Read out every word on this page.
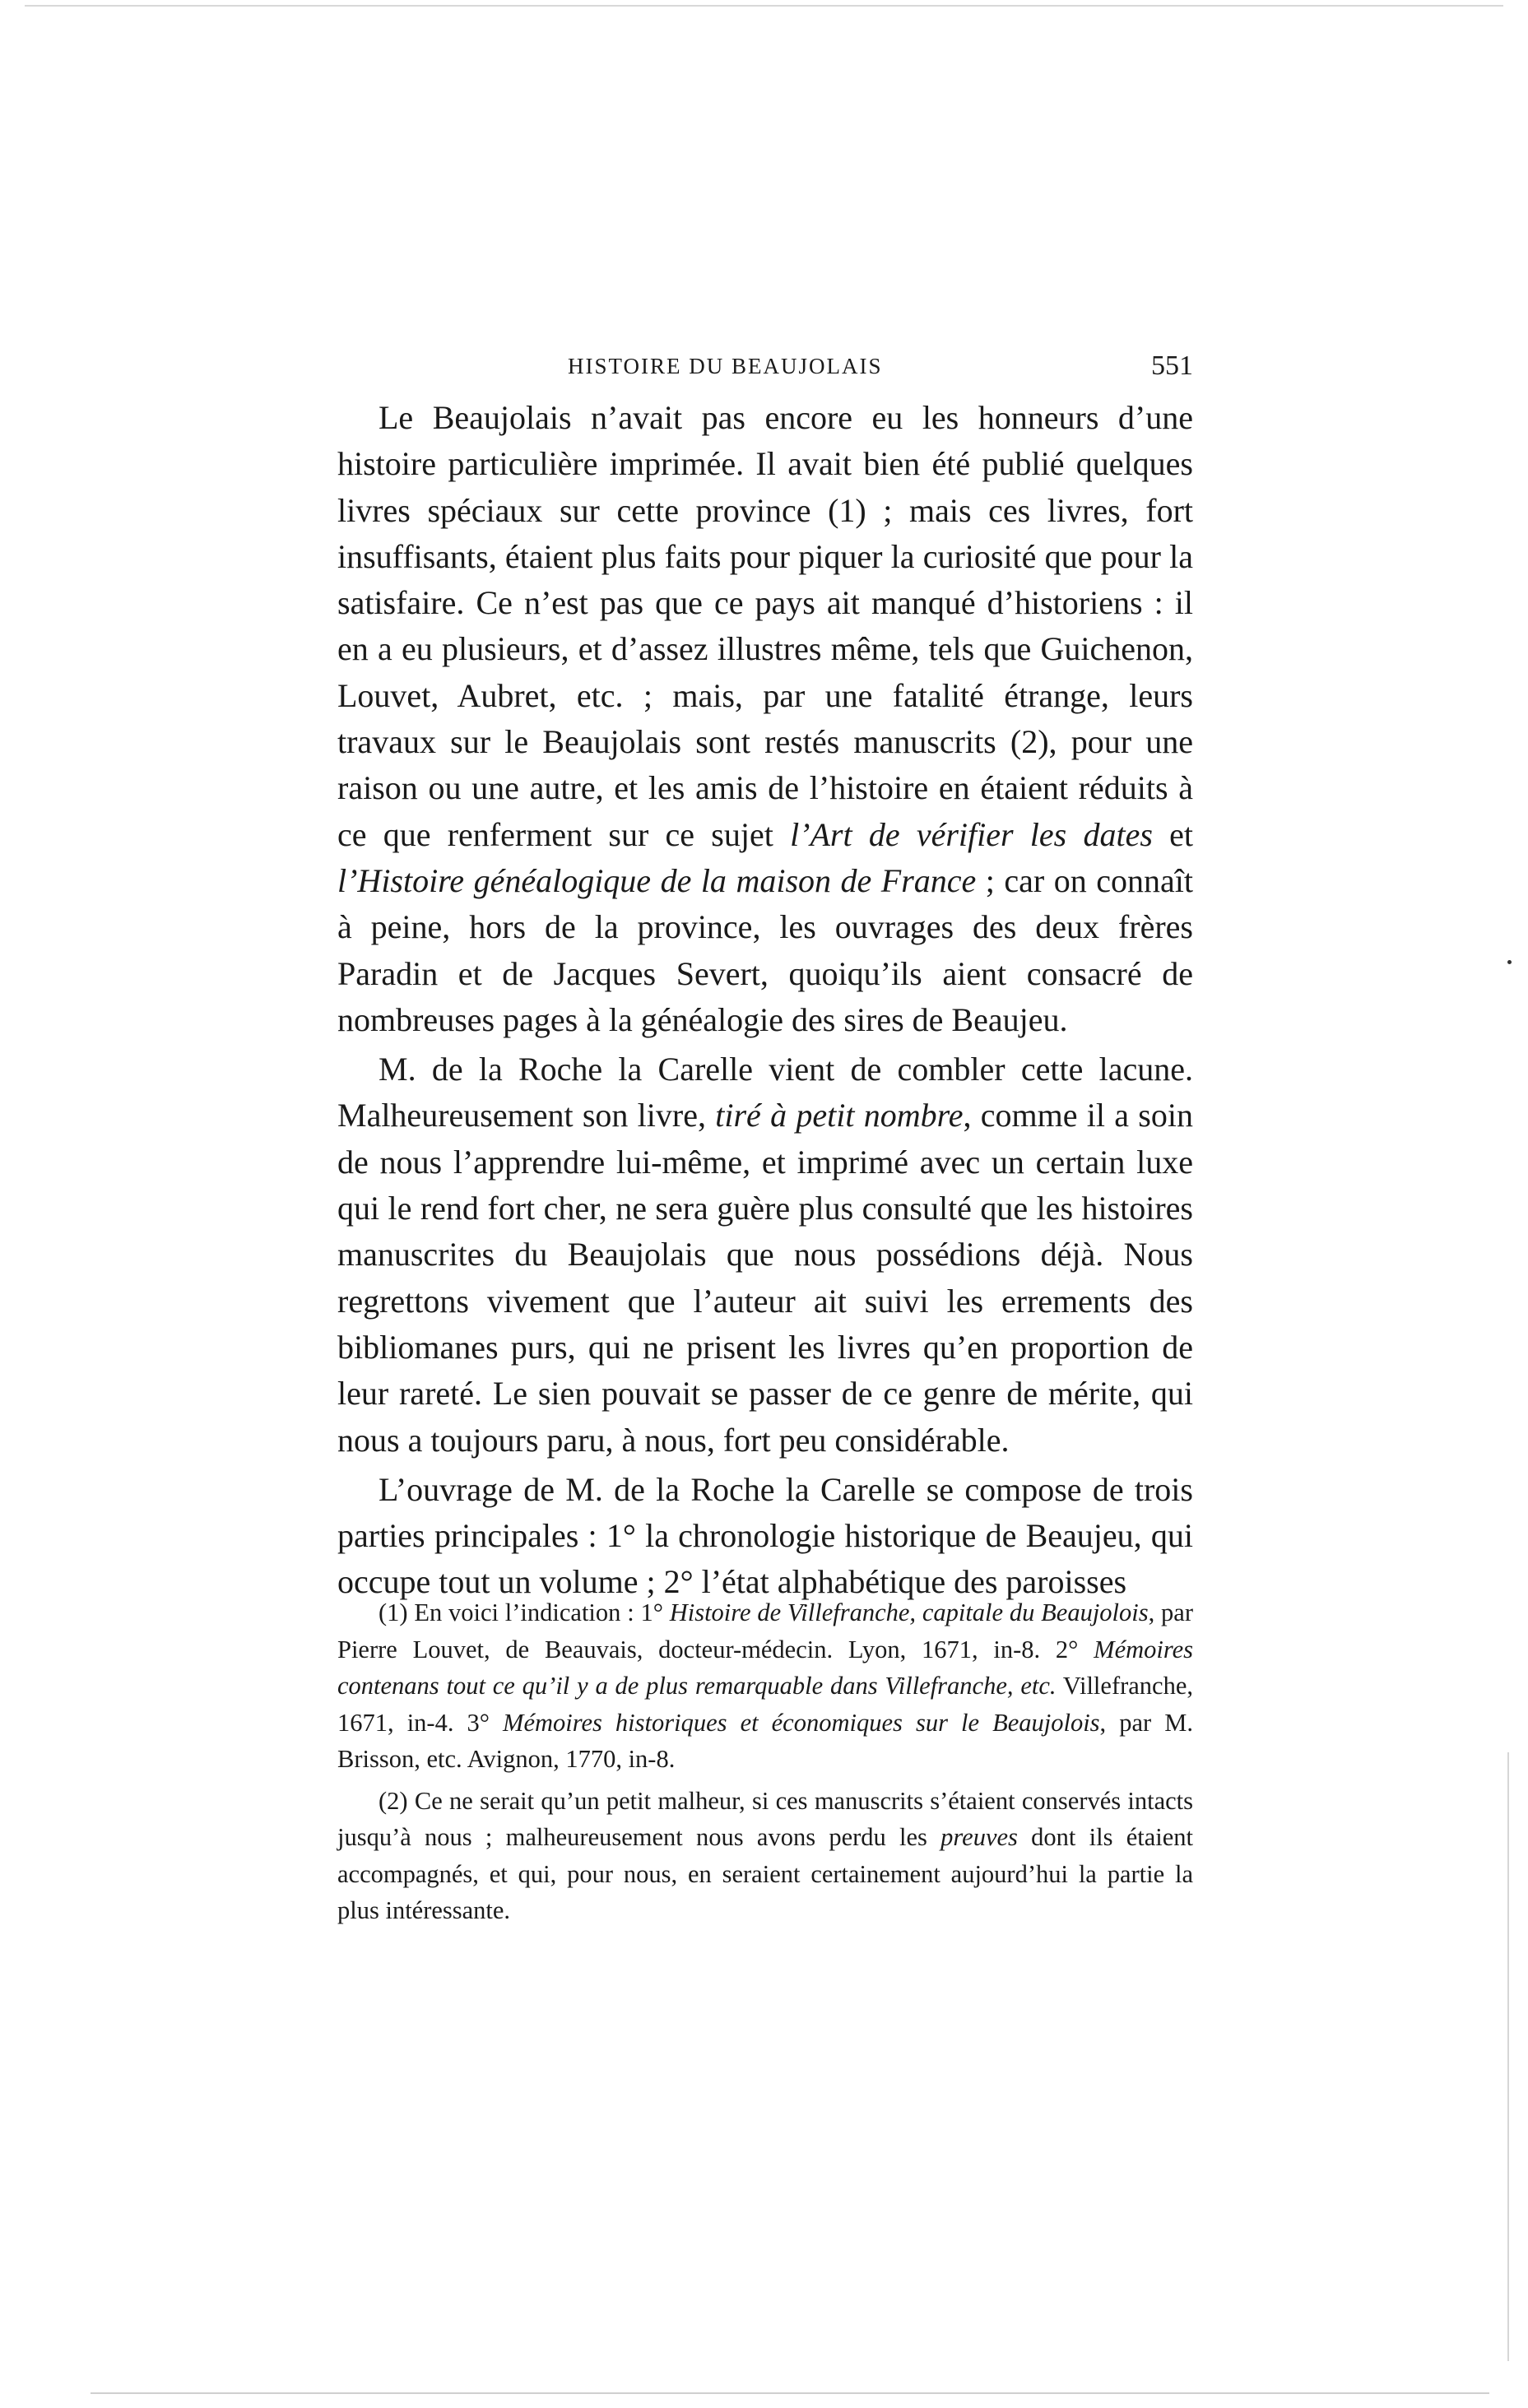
HISTOIRE DU BEAUJOLAIS	551

Le Beaujolais n’avait pas encore eu les honneurs d’une histoire particulière imprimée. Il avait bien été publié quelques livres spéciaux sur cette province (1) ; mais ces livres, fort insuffisants, étaient plus faits pour piquer la curiosité que pour la satisfaire. Ce n’est pas que ce pays ait manqué d’historiens : il en a eu plusieurs, et d’assez illustres même, tels que Guichenon, Louvet, Aubret, etc. ; mais, par une fatalité étrange, leurs travaux sur le Beaujolais sont restés manuscrits (2), pour une raison ou une autre, et les amis de l’histoire en étaient réduits à ce que renferment sur ce sujet l’Art de vérifier les dates et l’Histoire généalogique de la maison de France ; car on connaît à peine, hors de la province, les ouvrages des deux frères Paradin et de Jacques Severt, quoiqu’ils aient consacré de nombreuses pages à la généalogie des sires de Beaujeu.

M. de la Roche la Carelle vient de combler cette lacune. Malheureusement son livre, tiré à petit nombre, comme il a soin de nous l’apprendre lui-même, et imprimé avec un certain luxe qui le rend fort cher, ne sera guère plus consulté que les histoires manuscrites du Beaujolais que nous possédions déjà. Nous regrettons vivement que l’auteur ait suivi les errements des bibliomanes purs, qui ne prisent les livres qu’en proportion de leur rareté. Le sien pouvait se passer de ce genre de mérite, qui nous a toujours paru, à nous, fort peu considérable.

L’ouvrage de M. de la Roche la Carelle se compose de trois parties principales : 1° la chronologie historique de Beaujeu, qui occupe tout un volume ; 2° l’état alphabétique des paroisses

(1) En voici l’indication : 1° Histoire de Villefranche, capitale du Beaujolois, par Pierre Louvet, de Beauvais, docteur-médecin. Lyon, 1671, in-8. 2° Mémoires contenans tout ce qu’il y a de plus remarquable dans Villefranche, etc. Villefranche, 1671, in-4. 3° Mémoires historiques et économiques sur le Beaujolois, par M. Brisson, etc. Avignon, 1770, in-8.

(2) Ce ne serait qu’un petit malheur, si ces manuscrits s’étaient conservés intacts jusqu’à nous ; malheureusement nous avons perdu les preuves dont ils étaient accompagnés, et qui, pour nous, en seraient certainement aujourd’hui la partie la plus intéressante.
